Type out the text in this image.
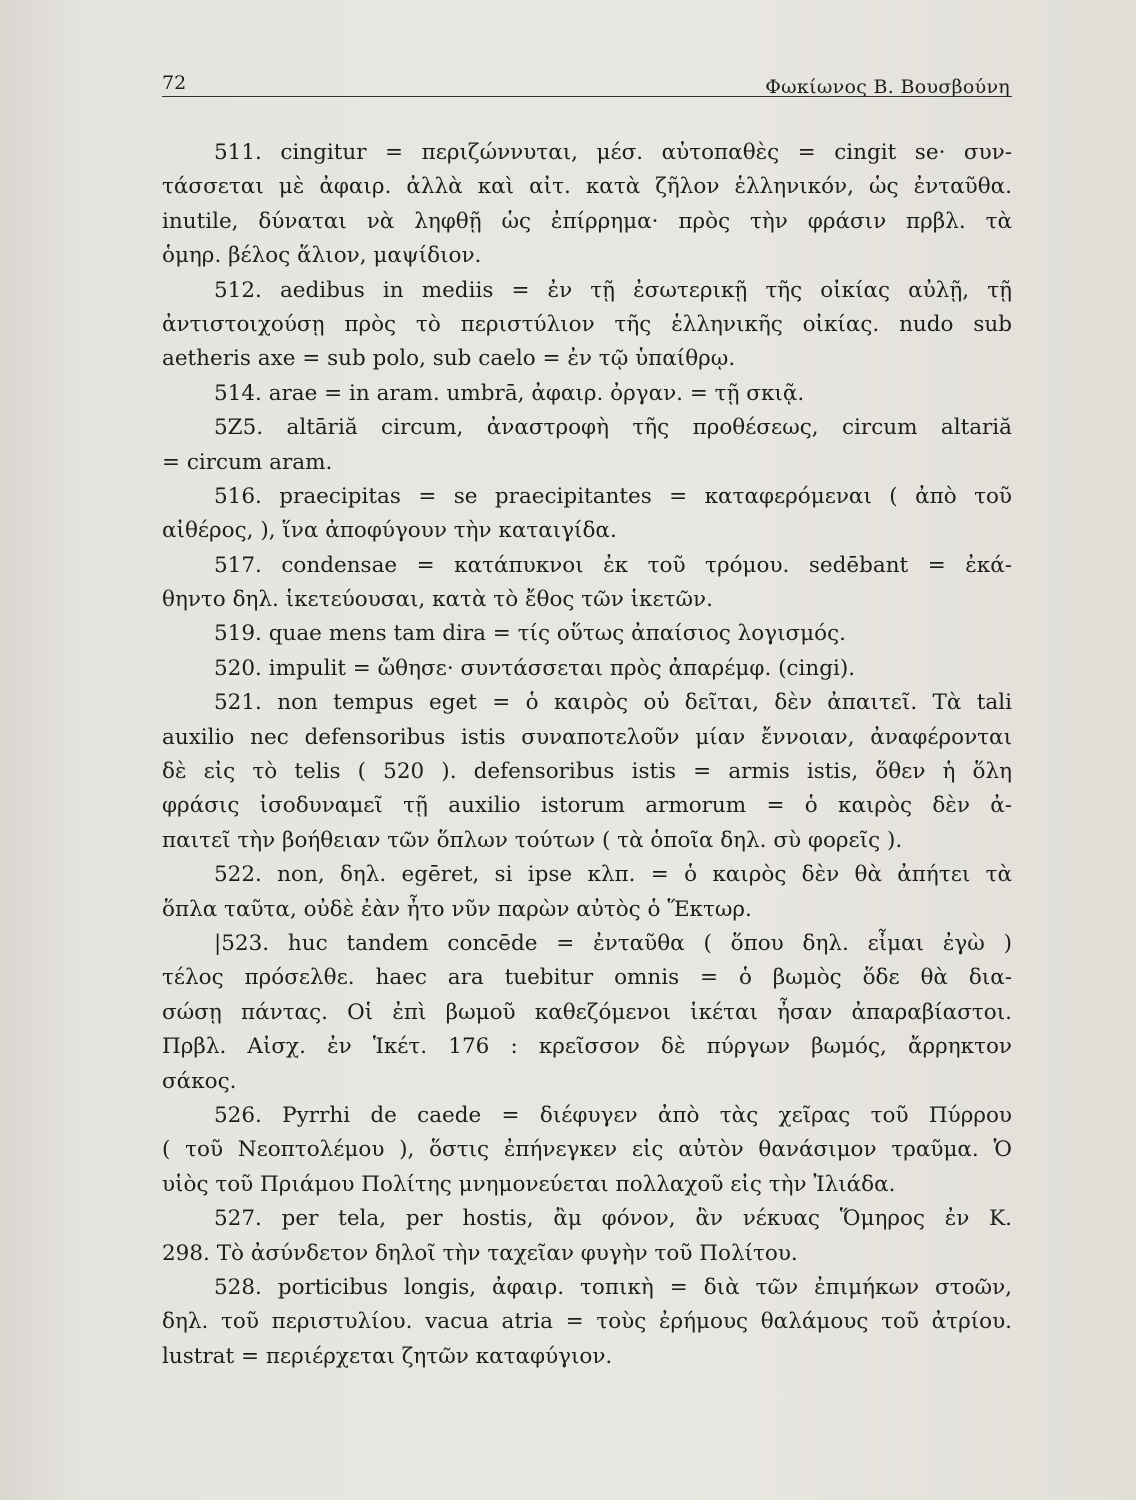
72	Φωκίωνος Β. Βουσβούνη
511. cingitur = περιζώννυται, μέσ. αὐτοπαθὲς = cingit se· συν-
τάσσεται μὲ ἀφαιρ. ἀλλὰ καὶ αἰτ. κατὰ ζῆλον ἑλληνικόν, ὡς ἐνταῦθα.
inutile, δύναται νὰ ληφθῇ ὡς ἐπίρρημα· πρὸς τὴν φράσιν πρβλ. τὰ
ὁμηρ. βέλος ἅλιον, μαψίδιον.
512. aedibus in mediis = ἐν τῇ ἐσωτερικῇ τῆς οἰκίας αὐλῇ, τῇ
ἀντιστοιχούσῃ πρὸς τὸ περιστύλιον τῆς ἑλληνικῆς οἰκίας. nudo sub
aetheris axe = sub polo, sub caelo = ἐν τῷ ὑπαίθρῳ.
514. arae = in aram. umbrā, ἀφαιρ. ὀργαν. = τῇ σκιᾷ.
5Ζ5. altāriă circum, ἀναστροφὴ τῆς προθέσεως, circum altariă
= circum aram.
516. praecipitas = se praecipitantes = καταφερόμεναι ( ἀπὸ τοῦ
αἰθέρος, ), ἵνα ἀποφύγουν τὴν καταιγίδα.
517. condensae = κατάπυκνοι ἐκ τοῦ τρόμου. sedēbant = ἐκά-
θηντο δηλ. ἱκετεύουσαι, κατὰ τὸ ἔθος τῶν ἱκετῶν.
519. quae mens tam dira = τίς οὕτως ἀπαίσιος λογισμός.
520. impulit = ὤθησε· συντάσσεται πρὸς ἀπαρέμφ. (cingi).
521. non tempus eget = ὁ καιρὸς οὐ δεῖται, δὲν ἀπαιτεῖ. Τὰ tali
auxilio nec defensoribus istis συναποτελοῦν μίαν ἔννοιαν, ἀναφέρονται
δὲ εἰς τὸ telis ( 520 ). defensoribus istis = armis istis, ὅθεν ἡ ὅλη
φράσις ἰσοδυναμεῖ τῇ auxilio istorum armorum = ὁ καιρὸς δὲν ἀ-
παιτεῖ τὴν βοήθειαν τῶν ὅπλων τούτων ( τὰ ὁποῖα δηλ. σὺ φορεῖς ).
522. non, δηλ. egēret, si ipse κλπ. = ὁ καιρὸς δὲν θὰ ἀπήτει τὰ
ὅπλα ταῦτα, οὐδὲ ἐὰν ἦτο νῦν παρὼν αὐτὸς ὁ Ἕκτωρ.
|523. huc tandem concēde = ἐνταῦθα ( ὅπου δηλ. εἶμαι ἐγὼ )
τέλος πρόσελθε. haec ara tuebitur omnis = ὁ βωμὸς ὅδε θὰ δια-
σώσῃ πάντας. Οἱ ἐπὶ βωμοῦ καθεζόμενοι ἱκέται ἦσαν ἀπαραβίαστοι.
Πρβλ. Αἰσχ. ἐν Ἱκέτ. 176 : κρεῖσσον δὲ πύργων βωμός, ἄρρηκτον
σάκος.
526. Pyrrhi de caede = διέφυγεν ἀπὸ τὰς χεῖρας τοῦ Πύρρου
( τοῦ Νεοπτολέμου ), ὅστις ἐπήνεγκεν εἰς αὐτὸν θανάσιμον τραῦμα. Ὁ
υἱὸς τοῦ Πριάμου Πολίτης μνημονεύεται πολλαχοῦ εἰς τὴν Ἰλιάδα.
527. per tela, per hostis, ἂμ φόνον, ἂν νέκυας Ὅμηρος ἐν Κ.
298. Τὸ ἀσύνδετον δηλοῖ τὴν ταχεῖαν φυγὴν τοῦ Πολίτου.
528. porticibus longis, ἀφαιρ. τοπικὴ = διὰ τῶν ἐπιμήκων στοῶν,
δηλ. τοῦ περιστυλίου. vacua atria = τοὺς ἐρήμους θαλάμους τοῦ ἀτρίου.
lustrat = περιέρχεται ζητῶν καταφύγιον.
